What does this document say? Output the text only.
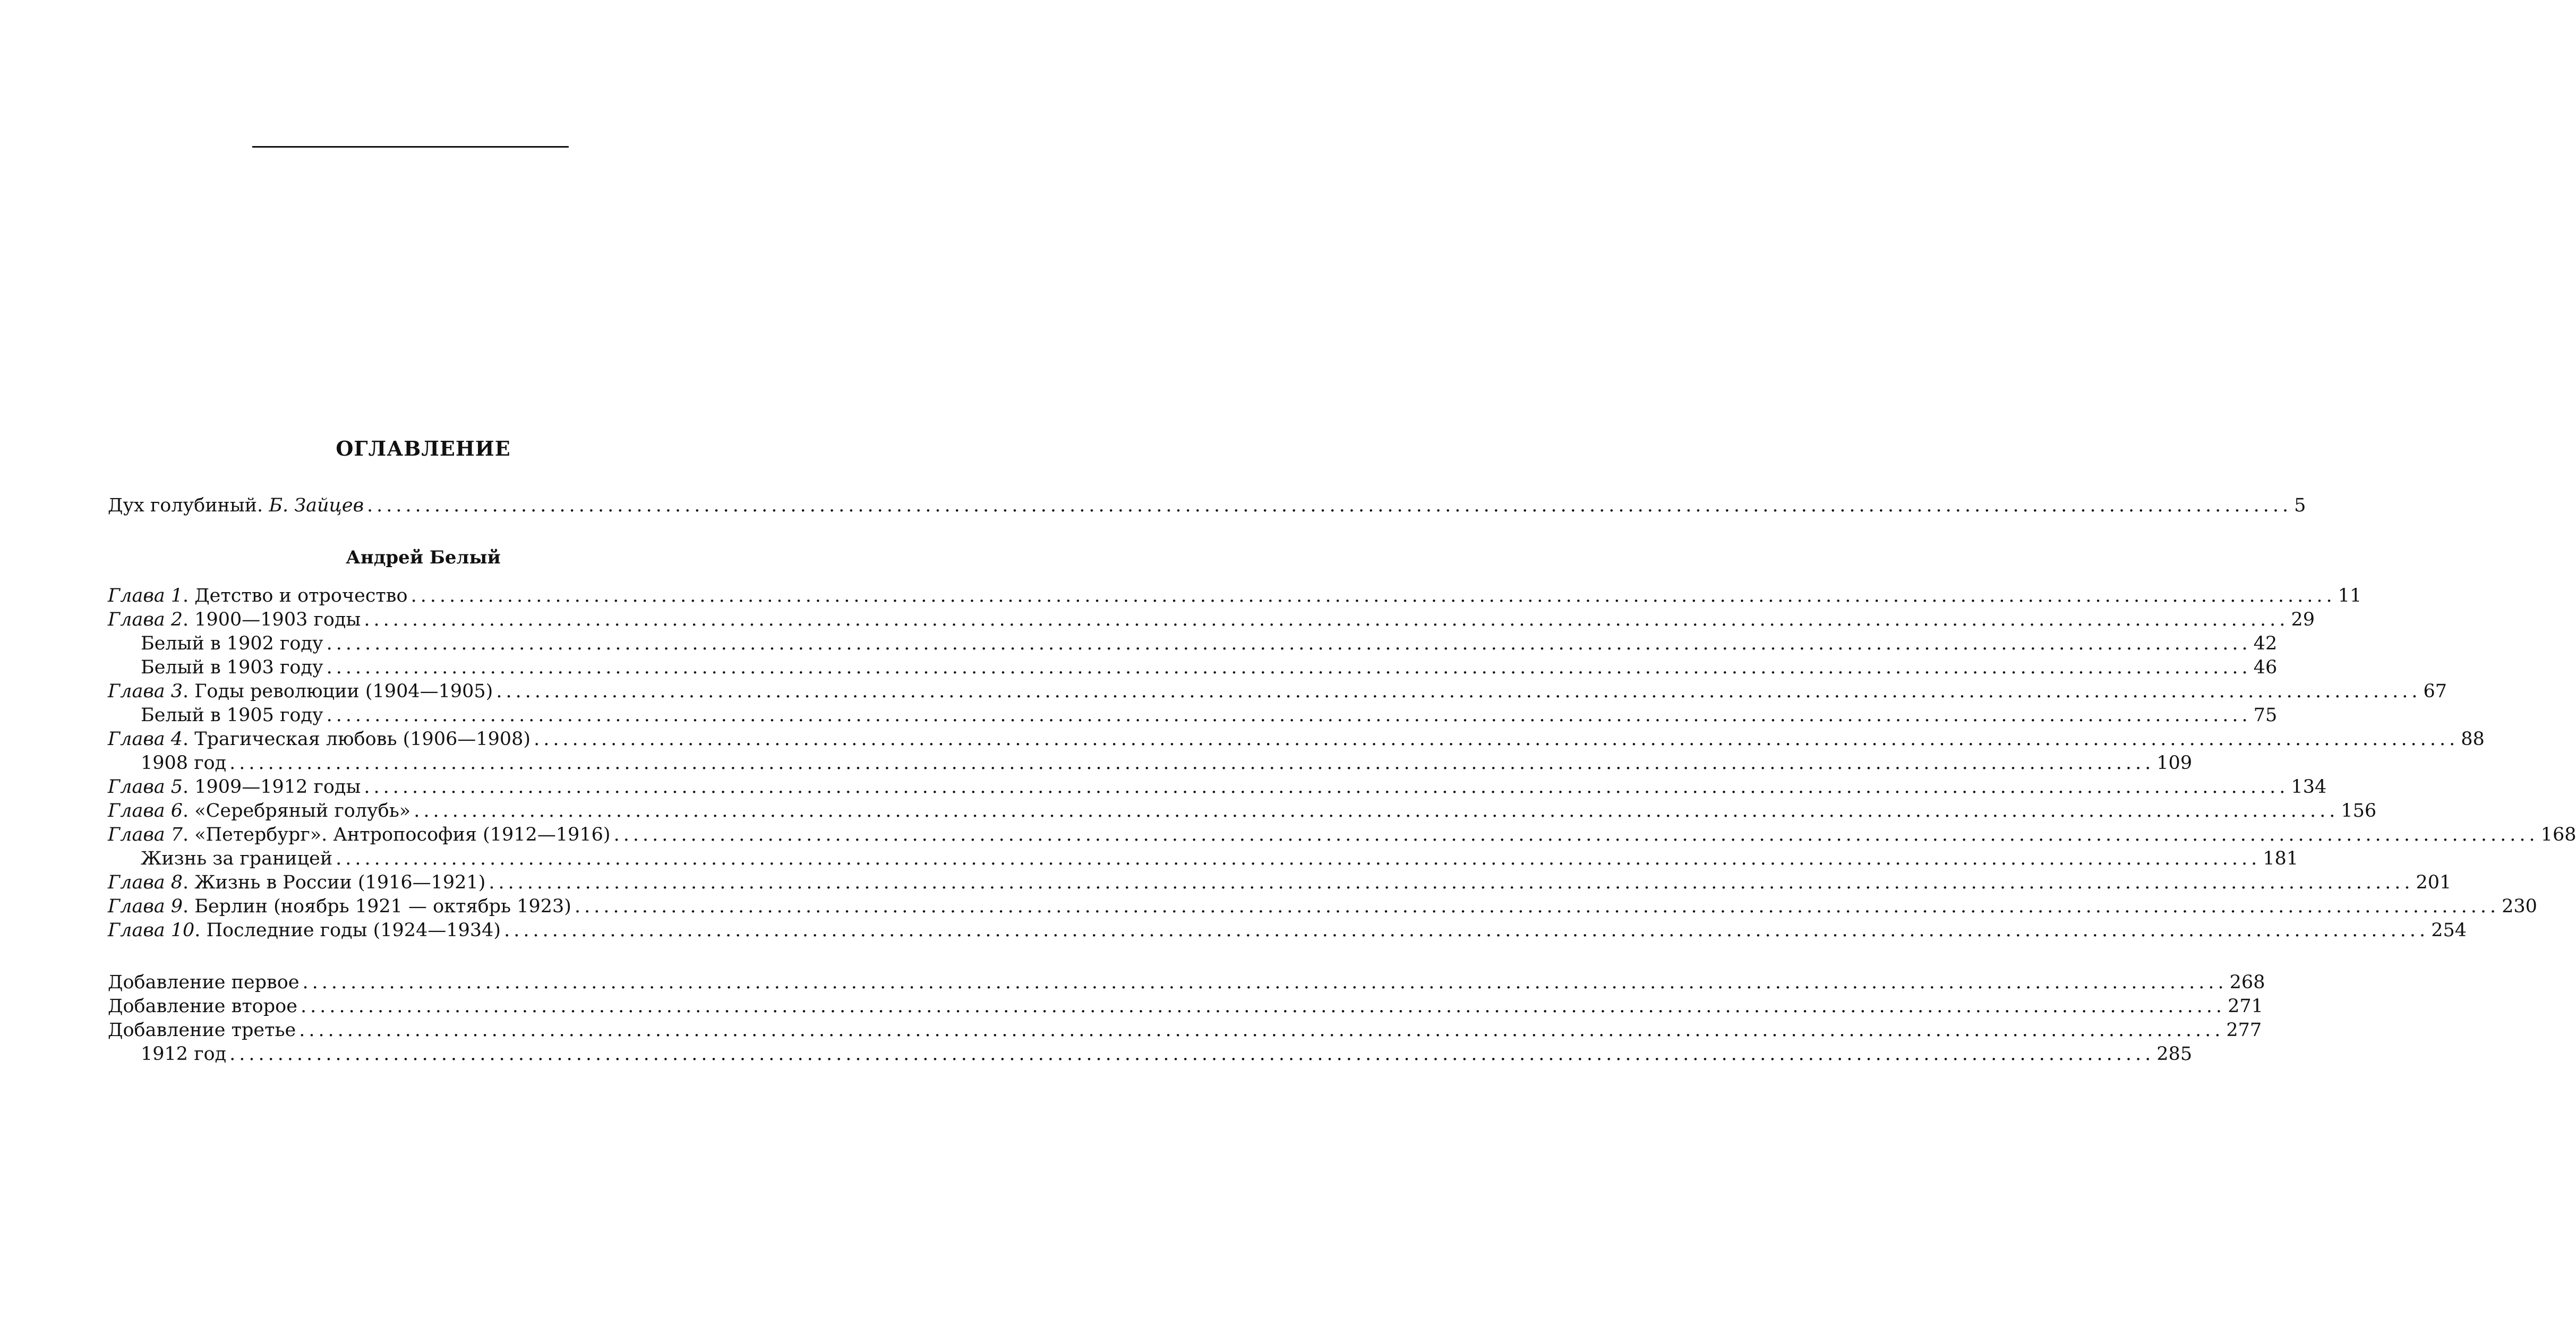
ОГЛАВЛЕНИЕ
Дух голубиный. Б. Зайцев ........................................................................................................................................................................................................ 5
Андрей Белый
Глава 1. Детство и отрочество ........................................................................................................................................................................................................ 11
Глава 2. 1900—1903 годы ........................................................................................................................................................................................................ 29
Белый в 1902 году ........................................................................................................................................................................................................ 42
Белый в 1903 году ........................................................................................................................................................................................................ 46
Глава 3. Годы революции (1904—1905) ........................................................................................................................................................................................................ 67
Белый в 1905 году ........................................................................................................................................................................................................ 75
Глава 4. Трагическая любовь (1906—1908) ........................................................................................................................................................................................................ 88
1908 год ........................................................................................................................................................................................................ 109
Глава 5. 1909—1912 годы ........................................................................................................................................................................................................ 134
Глава 6. «Серебряный голубь» ........................................................................................................................................................................................................ 156
Глава 7. «Петербург». Антропософия (1912—1916) ........................................................................................................................................................................................................ 168
Жизнь за границей ........................................................................................................................................................................................................ 181
Глава 8. Жизнь в России (1916—1921) ........................................................................................................................................................................................................ 201
Глава 9. Берлин (ноябрь 1921 — октябрь 1923) ........................................................................................................................................................................................................ 230
Глава 10. Последние годы (1924—1934) ........................................................................................................................................................................................................ 254
Добавление первое ........................................................................................................................................................................................................ 268
Добавление второе ........................................................................................................................................................................................................ 271
Добавление третье ........................................................................................................................................................................................................ 277
1912 год ........................................................................................................................................................................................................ 285
